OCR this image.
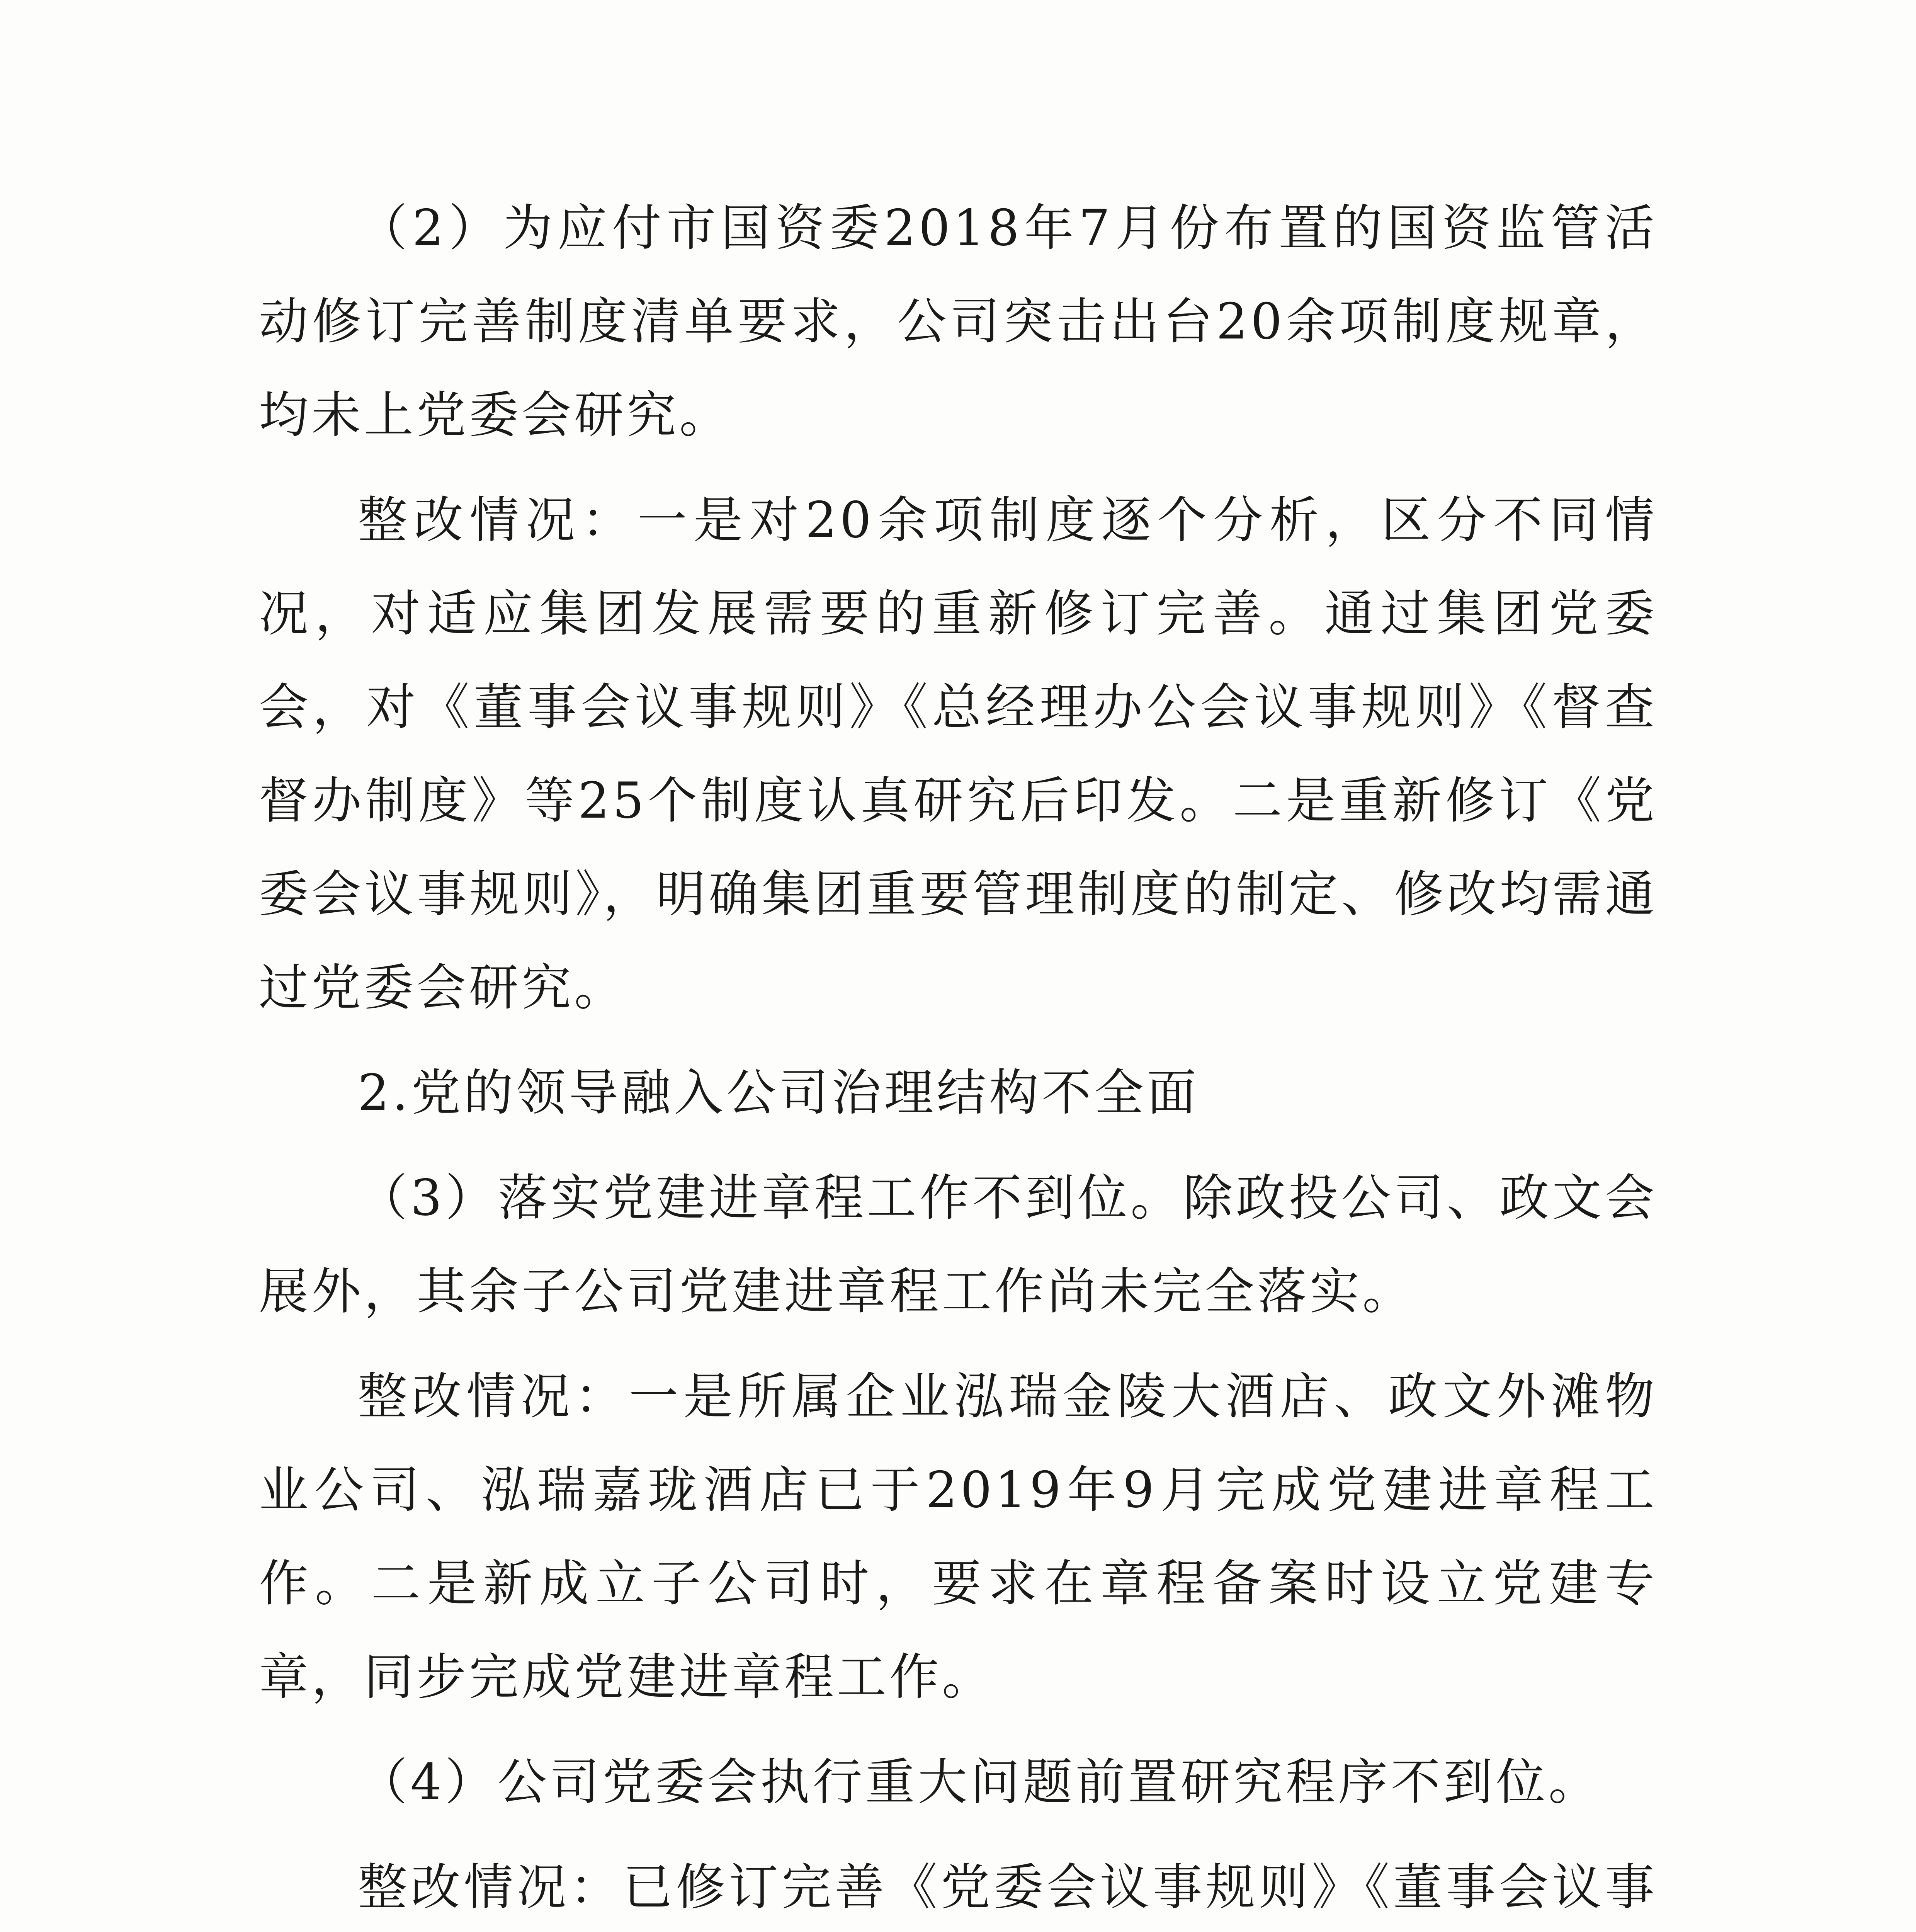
（2）为应付市国资委2018年7月份布置的国资监管活动修订完善制度清单要求，公司突击出台20余项制度规章，均未上党委会研究。

整改情况：一是对20余项制度逐个分析，区分不同情况，对适应集团发展需要的重新修订完善。通过集团党委会，对《董事会议事规则》《总经理办公会议事规则》《督查督办制度》等25个制度认真研究后印发。二是重新修订《党委会议事规则》，明确集团重要管理制度的制定、修改均需通过党委会研究。

2.党的领导融入公司治理结构不全面

（3）落实党建进章程工作不到位。除政投公司、政文会展外，其余子公司党建进章程工作尚未完全落实。

整改情况：一是所属企业泓瑞金陵大酒店、政文外滩物业公司、泓瑞嘉珑酒店已于2019年9月完成党建进章程工作。二是新成立子公司时，要求在章程备案时设立党建专章，同步完成党建进章程工作。

（4）公司党委会执行重大问题前置研究程序不到位。

整改情况：已修订完善《党委会议事规则》《董事会议事
